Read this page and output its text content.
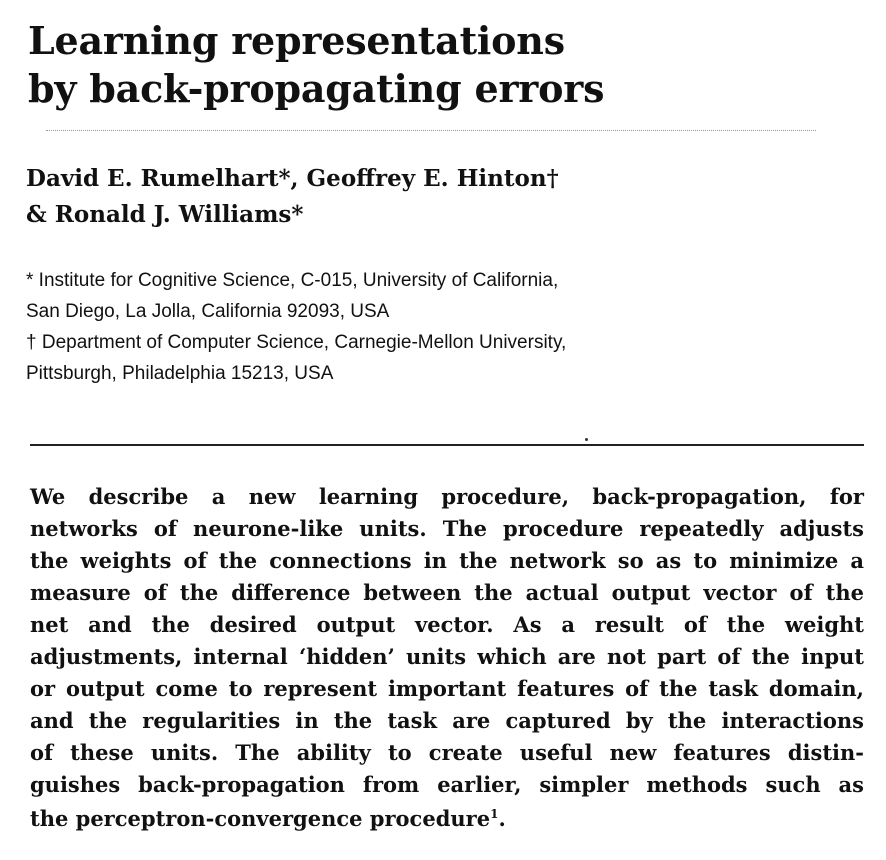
Learning representations
by back-propagating errors
David E. Rumelhart*, Geoffrey E. Hinton†
& Ronald J. Williams*
* Institute for Cognitive Science, C-015, University of California,
San Diego, La Jolla, California 92093, USA
† Department of Computer Science, Carnegie-Mellon University,
Pittsburgh, Philadelphia 15213, USA
We describe a new learning procedure, back-propagation, for
networks of neurone-like units. The procedure repeatedly adjusts
the weights of the connections in the network so as to minimize a
measure of the difference between the actual output vector of the
net and the desired output vector. As a result of the weight
adjustments, internal ‘hidden’ units which are not part of the input
or output come to represent important features of the task domain,
and the regularities in the task are captured by the interactions
of these units. The ability to create useful new features distin-
guishes back-propagation from earlier, simpler methods such as
the perceptron-convergence procedure$^1$.
